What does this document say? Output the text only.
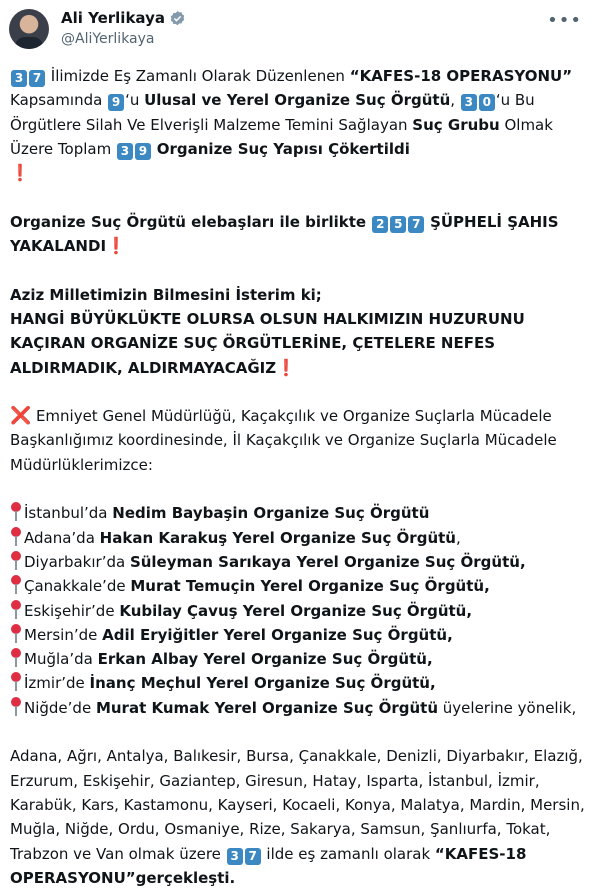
Ali Yerlikaya
@AliYerlikaya
•••

3 7 İlimizde Eş Zamanlı Olarak Düzenlenen “KAFES-18 OPERASYONU” Kapsamında 9 ‘u Ulusal ve Yerel Organize Suç Örgütü, 3 0 ‘u Bu Örgütlere Silah Ve Elverişli Malzeme Temini Sağlayan Suç Grubu Olmak Üzere Toplam 3 9 Organize Suç Yapısı Çökertildi
❗

Organize Suç Örgütü elebaşları ile birlikte 2 5 7 ŞÜPHELİ ŞAHIS YAKALANDI❗

Aziz Milletimizin Bilmesini İsterim ki;
HANGİ BÜYÜKLÜKTE OLURSA OLSUN HALKIMIZIN HUZURUNU KAÇIRAN ORGANİZE SUÇ ÖRGÜTLERİNE, ÇETELERE NEFES ALDIRMADIK, ALDIRMAYACAĞIZ❗

❌ Emniyet Genel Müdürlüğü, Kaçakçılık ve Organize Suçlarla Mücadele Başkanlığımız koordinesinde, İl Kaçakçılık ve Organize Suçlarla Mücadele Müdürlüklerimizce:

İstanbul’da Nedim Baybaşin Organize Suç Örgütü
Adana’da Hakan Karakuş Yerel Organize Suç Örgütü,
Diyarbakır’da Süleyman Sarıkaya Yerel Organize Suç Örgütü,
Çanakkale’de Murat Temuçin Yerel Organize Suç Örgütü,
Eskişehir’de Kubilay Çavuş Yerel Organize Suç Örgütü,
Mersin’de Adil Eryiğitler Yerel Organize Suç Örgütü,
Muğla’da Erkan Albay Yerel Organize Suç Örgütü,
İzmir’de İnanç Meçhul Yerel Organize Suç Örgütü,
Niğde’de Murat Kumak Yerel Organize Suç Örgütü üyelerine yönelik,

Adana, Ağrı, Antalya, Balıkesir, Bursa, Çanakkale, Denizli, Diyarbakır, Elazığ, Erzurum, Eskişehir, Gaziantep, Giresun, Hatay, Isparta, İstanbul, İzmir, Karabük, Kars, Kastamonu, Kayseri, Kocaeli, Konya, Malatya, Mardin, Mersin, Muğla, Niğde, Ordu, Osmaniye, Rize, Sakarya, Samsun, Şanlıurfa, Tokat, Trabzon ve Van olmak üzere 3 7 ilde eş zamanlı olarak “KAFES-18 OPERASYONU”gerçekleşti.
